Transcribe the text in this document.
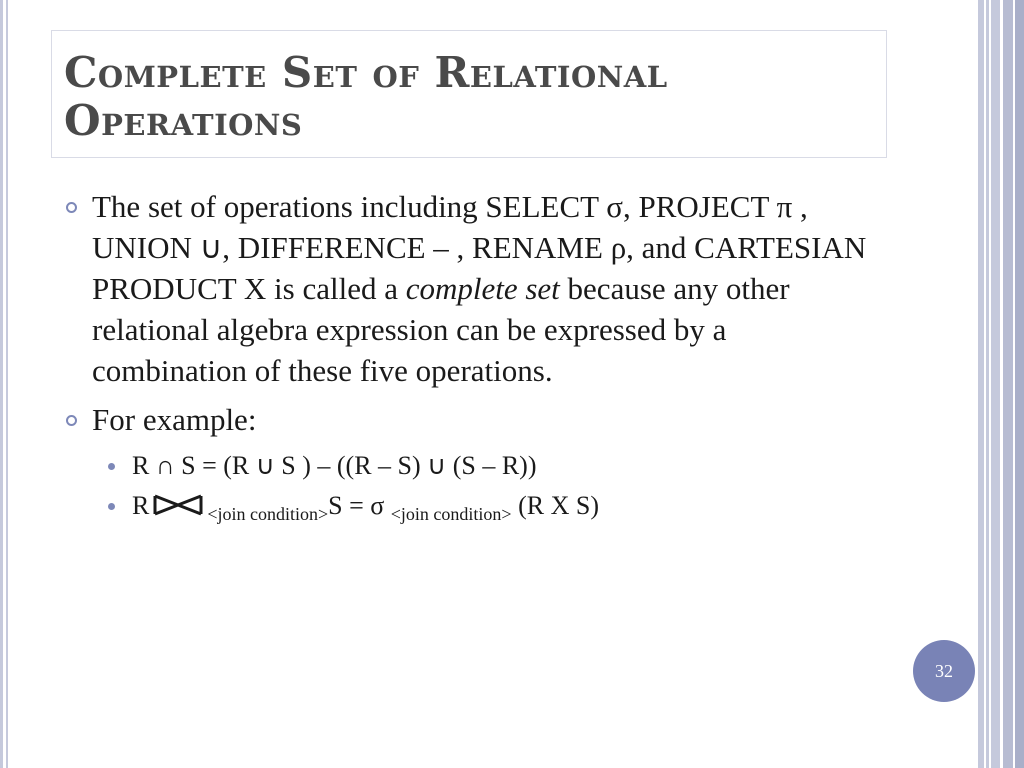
Complete Set of Relational Operations
The set of operations including SELECT σ, PROJECT π , UNION ∪, DIFFERENCE – , RENAME ρ, and CARTESIAN PRODUCT X is called a complete set because any other relational algebra expression can be expressed by a combination of these five operations.
For example:
R ∩ S = (R ∪ S ) – ((R – S) ∪ (S – R))
R	$_{<join condition>}$S = σ $_{<join condition>}$ (R X S)
32
